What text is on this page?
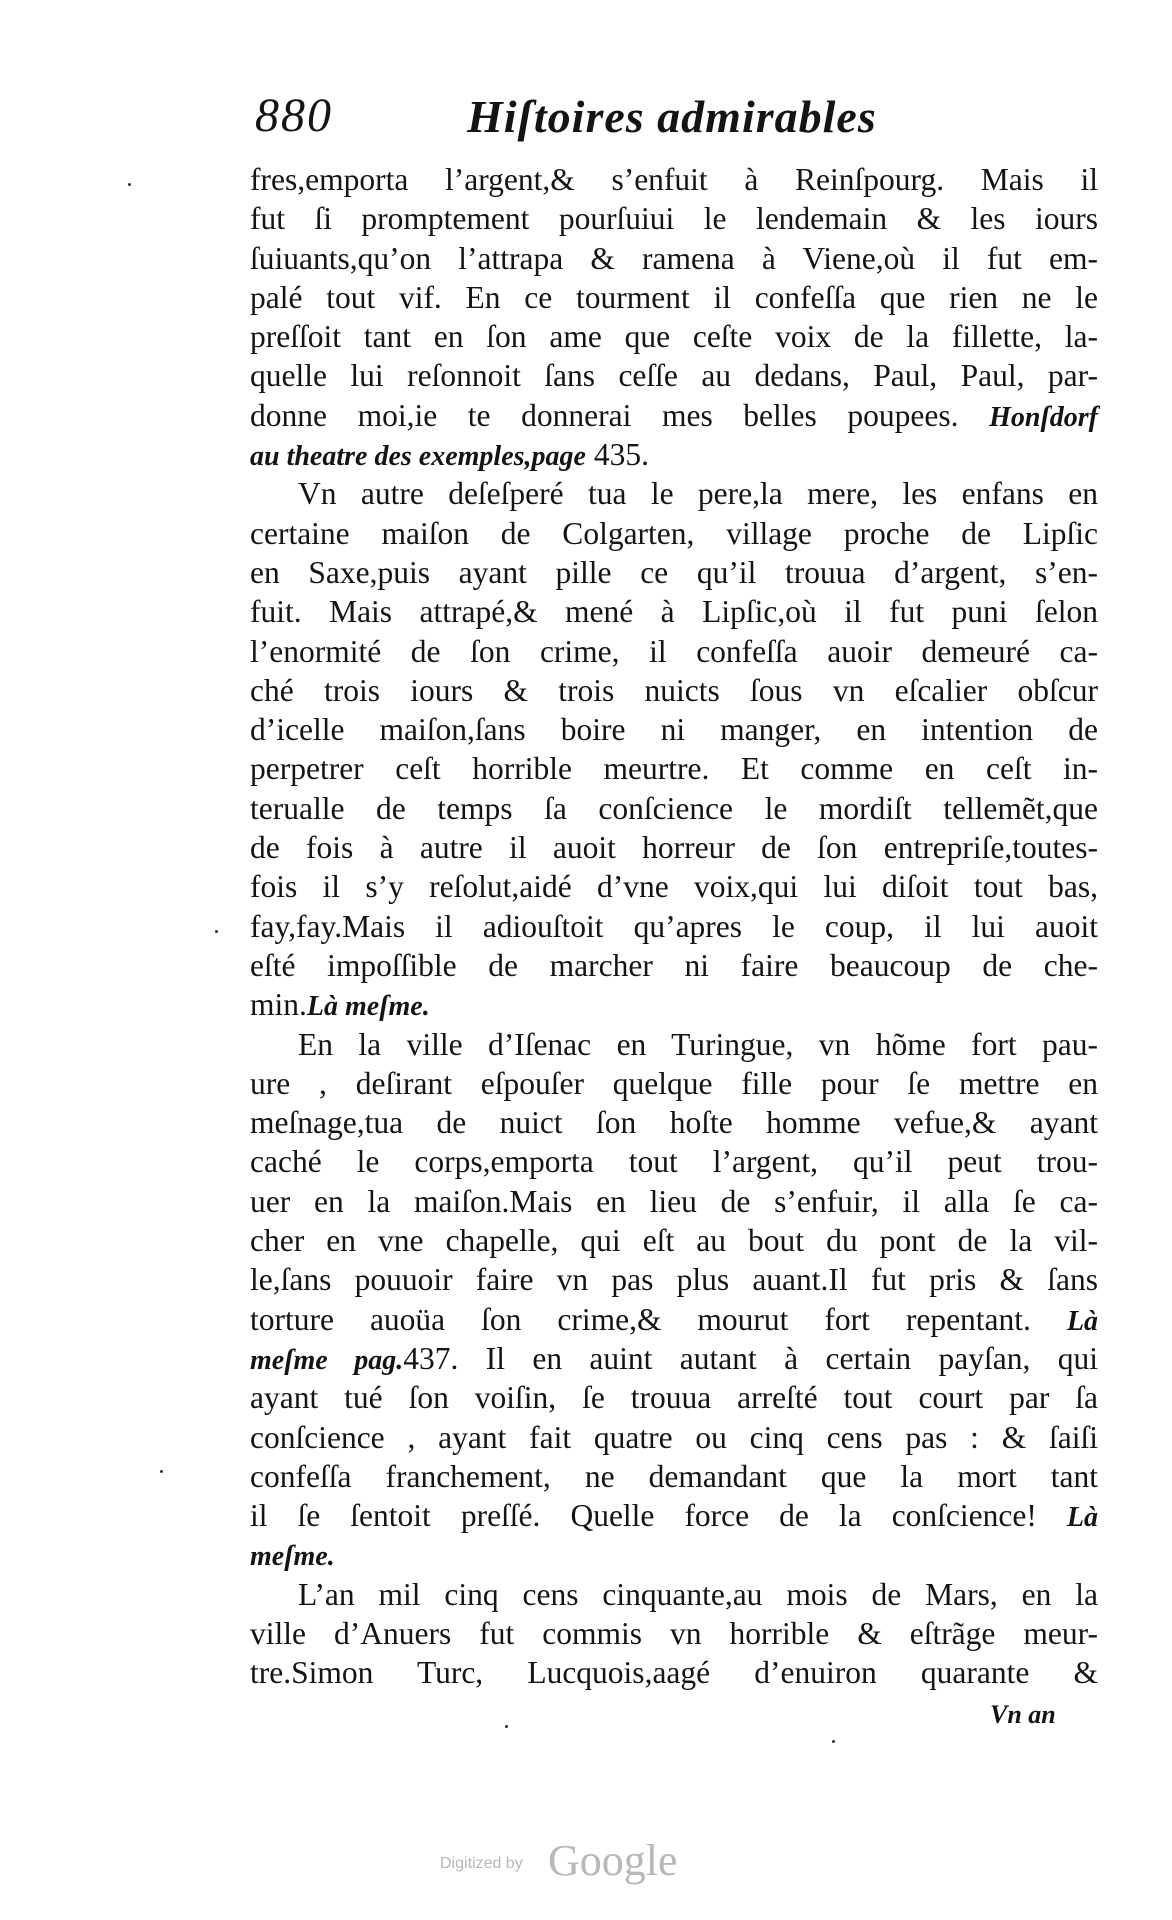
880	Hiſtoires admirables
fres,emporta l’argent,& s’enfuit à Reinſpourg. Mais il
fut ſi promptement pourſuiui le lendemain & les iours
ſuiuants,qu’on l’attrapa & ramena à Viene,où il fut em-
palé tout vif. En ce tourment il confeſſa que rien ne le
preſſoit tant en ſon ame que ceſte voix de la fillette, la-
quelle lui reſonnoit ſans ceſſe au dedans, Paul, Paul, par-
donne moi,ie te donnerai mes belles poupees. Honſdorf
au theatre des exemples,page 435.
Vn autre deſeſperé tua le pere,la mere, les enfans en
certaine maiſon de Colgarten, village proche de Lipſic
en Saxe,puis ayant pille ce qu’il trouua d’argent, s’en-
fuit. Mais attrapé,& mené à Lipſic,où il fut puni ſelon
l’enormité de ſon crime, il confeſſa auoir demeuré ca-
ché trois iours & trois nuicts ſous vn eſcalier obſcur
d’icelle maiſon,ſans boire ni manger, en intention de
perpetrer ceſt horrible meurtre. Et comme en ceſt in-
terualle de temps ſa conſcience le mordiſt tellemẽt,que
de fois à autre il auoit horreur de ſon entrepriſe,toutes-
fois il s’y reſolut,aidé d’vne voix,qui lui diſoit tout bas,
fay,fay.Mais il adiouſtoit qu’apres le coup, il lui auoit
eſté impoſſible de marcher ni faire beaucoup de che-
min.Là meſme.
En la ville d’Iſenac en Turingue, vn hõme fort pau-
ure , deſirant eſpouſer quelque fille pour ſe mettre en
meſnage,tua de nuict ſon hoſte homme vefue,& ayant
caché le corps,emporta tout l’argent, qu’il peut trou-
uer en la maiſon.Mais en lieu de s’enfuir, il alla ſe ca-
cher en vne chapelle, qui eſt au bout du pont de la vil-
le,ſans pouuoir faire vn pas plus auant.Il fut pris & ſans
torture auoüa ſon crime,& mourut fort repentant. Là
meſme pag.437. Il en auint autant à certain payſan, qui
ayant tué ſon voiſin, ſe trouua arreſté tout court par ſa
conſcience , ayant fait quatre ou cinq cens pas : & ſaiſi
confeſſa franchement, ne demandant que la mort tant
il ſe ſentoit preſſé. Quelle force de la conſcience! Là
meſme.
L’an mil cinq cens cinquante,au mois de Mars, en la
ville d’Anuers fut commis vn horrible & eſtrãge meur-
tre.Simon Turc, Lucquois,aagé d’enuiron quarante &
Vn an
Digitized by Google
